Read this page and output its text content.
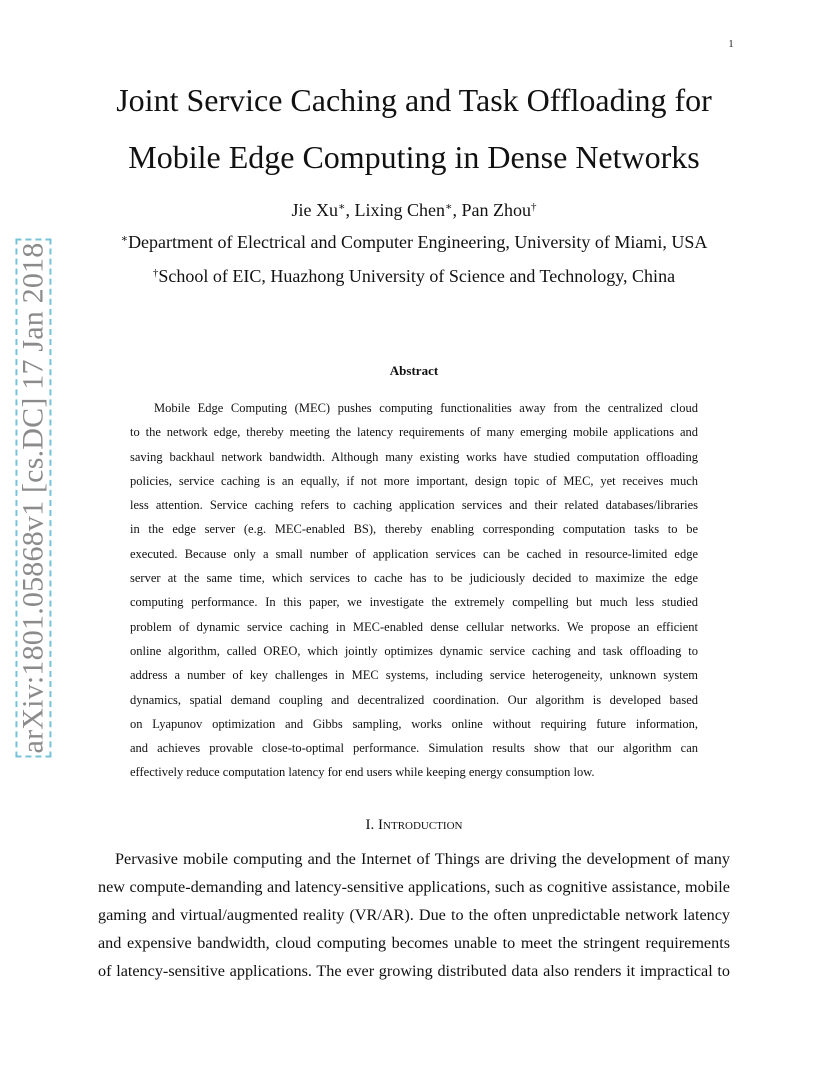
1
arXiv:1801.05868v1 [cs.DC] 17 Jan 2018
Joint Service Caching and Task Offloading for
Mobile Edge Computing in Dense Networks
Jie Xu∗, Lixing Chen∗, Pan Zhou†
∗Department of Electrical and Computer Engineering, University of Miami, USA
†School of EIC, Huazhong University of Science and Technology, China
Abstract
Mobile Edge Computing (MEC) pushes computing functionalities away from the centralized cloud
to the network edge, thereby meeting the latency requirements of many emerging mobile applications and
saving backhaul network bandwidth. Although many existing works have studied computation offloading
policies, service caching is an equally, if not more important, design topic of MEC, yet receives much
less attention. Service caching refers to caching application services and their related databases/libraries
in the edge server (e.g. MEC-enabled BS), thereby enabling corresponding computation tasks to be
executed. Because only a small number of application services can be cached in resource-limited edge
server at the same time, which services to cache has to be judiciously decided to maximize the edge
computing performance. In this paper, we investigate the extremely compelling but much less studied
problem of dynamic service caching in MEC-enabled dense cellular networks. We propose an efficient
online algorithm, called OREO, which jointly optimizes dynamic service caching and task offloading to
address a number of key challenges in MEC systems, including service heterogeneity, unknown system
dynamics, spatial demand coupling and decentralized coordination. Our algorithm is developed based
on Lyapunov optimization and Gibbs sampling, works online without requiring future information,
and achieves provable close-to-optimal performance. Simulation results show that our algorithm can
effectively reduce computation latency for end users while keeping energy consumption low.
I. Introduction
Pervasive mobile computing and the Internet of Things are driving the development of many
new compute-demanding and latency-sensitive applications, such as cognitive assistance, mobile
gaming and virtual/augmented reality (VR/AR). Due to the often unpredictable network latency
and expensive bandwidth, cloud computing becomes unable to meet the stringent requirements
of latency-sensitive applications. The ever growing distributed data also renders it impractical to
